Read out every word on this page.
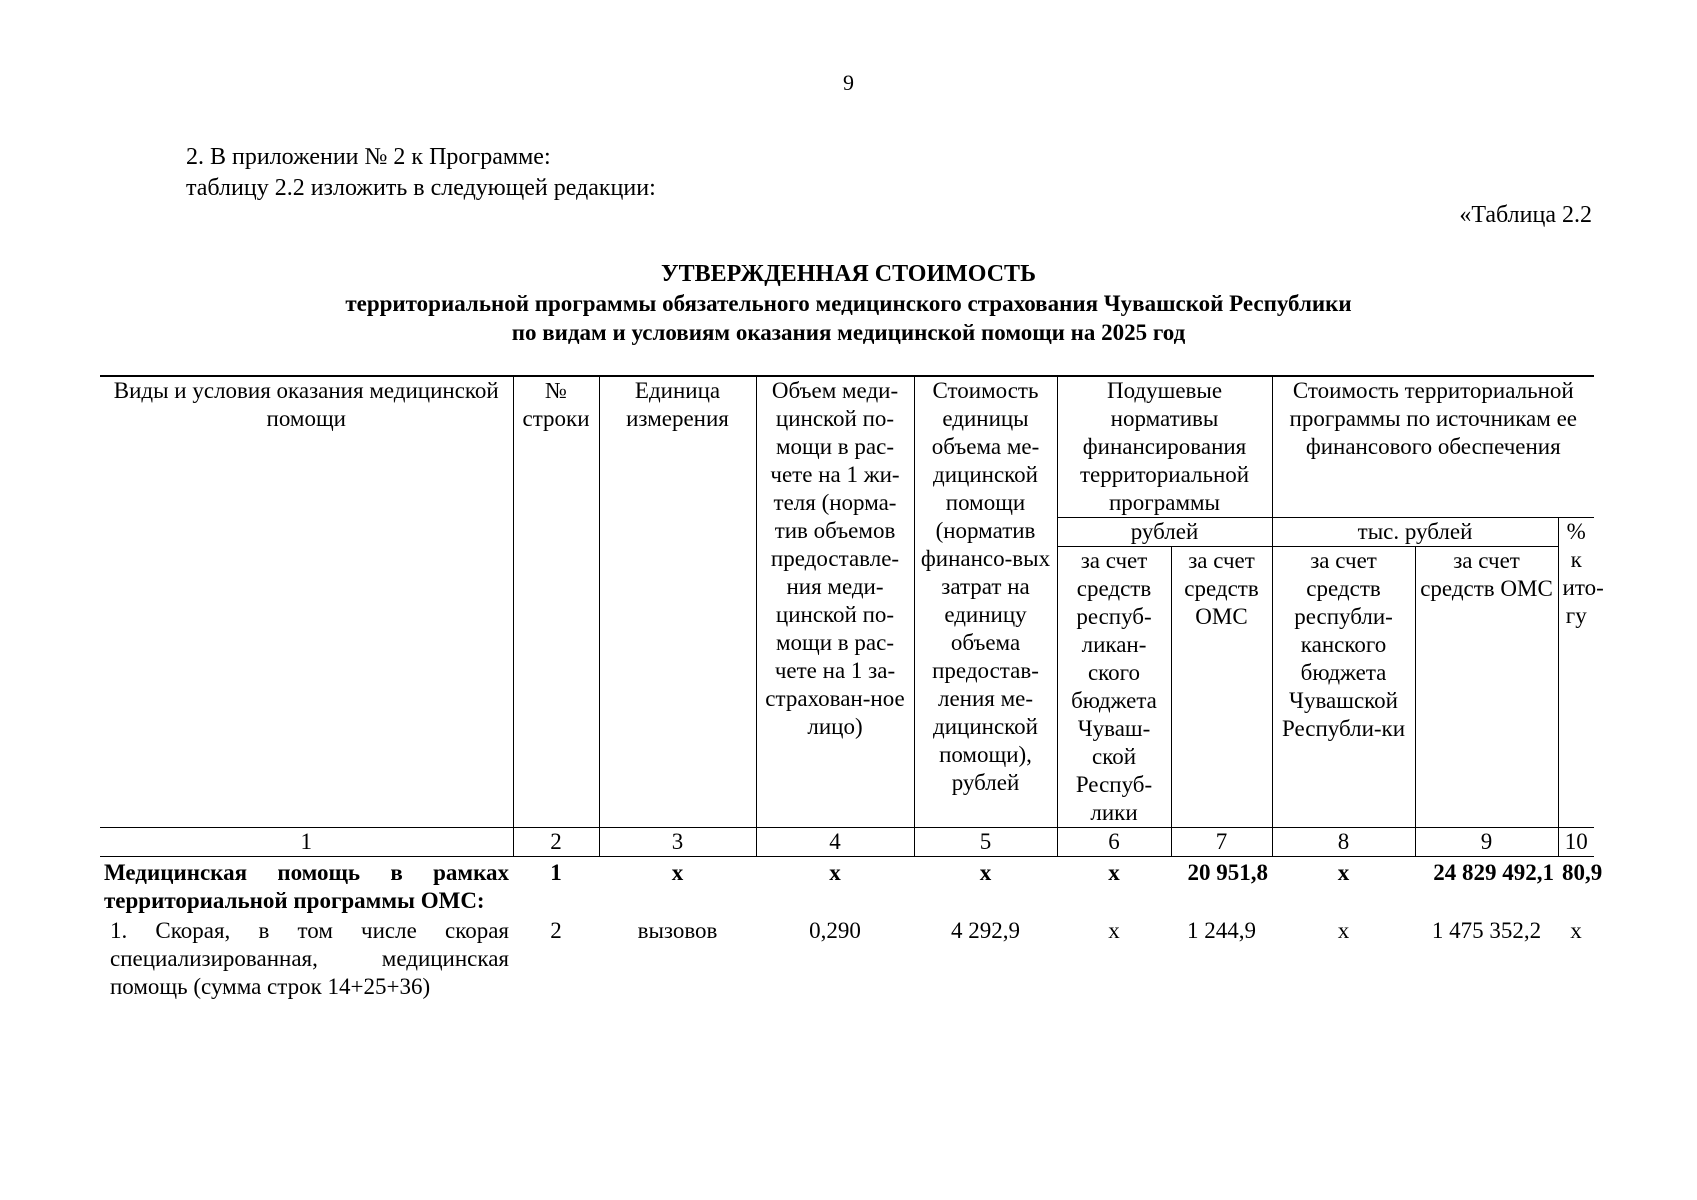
9
2. В приложении № 2 к Программе:
таблицу 2.2 изложить в следующей редакции:
«Таблица 2.2
УТВЕРЖДЕННАЯ СТОИМОСТЬ
территориальной программы обязательного медицинского страхования Чувашской Республики
по видам и условиям оказания медицинской помощи на 2025 год
Виды и условия оказания медицинской помощи	№ строки	Единица измерения	Объем меди-цинской по-мощи в рас-чете на 1 жи-теля (норма-тив объемов предоставле-ния меди-цинской по-мощи в рас-чете на 1 за-страхован-ное лицо)	Стоимость единицы объема ме-дицинской помощи (норматив финансо-вых затрат на единицу объема предостав-ления ме-дицинской помощи), рублей	Подушевые нормативы финансирования территориальной программы		Стоимость территориальной программы по источникам ее финансового обеспечения		
					рублей		тыс. рублей		% к ито-гу
					за счет средств респуб-ликан-ского бюджета Чуваш-ской Респуб-лики	за счет средств ОМС	за счет средств республи-канского бюджета Чувашской Республи-ки	за счет средств ОМС	
1	2	3	4	5	6	7	8	9	10
Медицинская помощь в рамках территориальной программы ОМС:	1	х	х	х	х	20 951,8	х	24 829 492,1	80,9
1. Скорая, в том числе скорая специализированная, медицинская помощь (сумма строк 14+25+36)	2	вызовов	0,290	4 292,9	х	1 244,9	х	1 475 352,2	х
